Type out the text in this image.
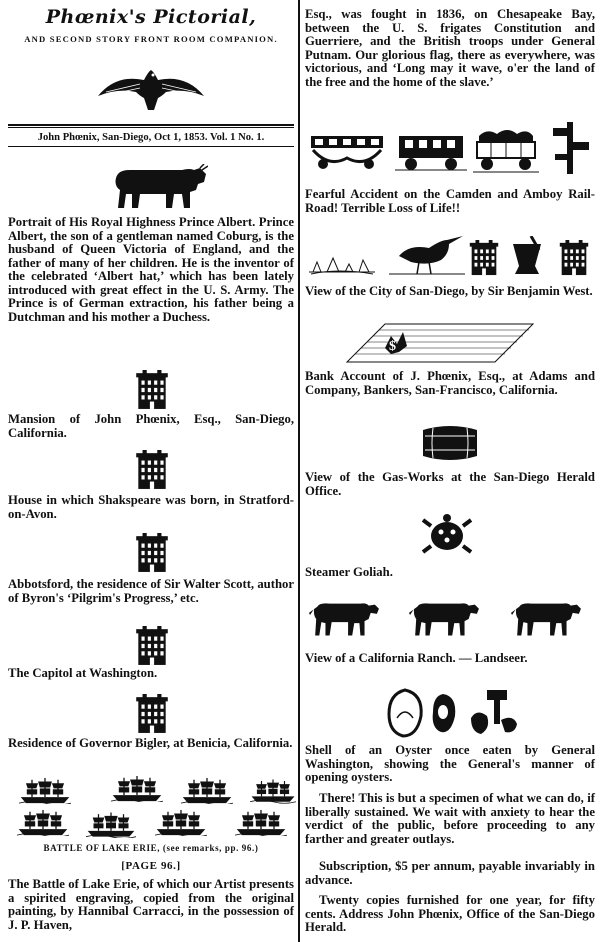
Phœnix's Pictorial,
AND SECOND STORY FRONT ROOM COMPANION.
John Phœnix, San-Diego, Oct 1, 1853. Vol. 1 No. 1.

Portrait of His Royal Highness Prince Albert. Prince Albert, the son of a gentleman named Coburg, is the husband of Queen Victoria of England, and the father of many of her children. He is the inventor of the celebrated ‘Albert hat,’ which has been lately introduced with great effect in the U. S. Army. The Prince is of German extraction, his father being a Dutchman and his mother a Duchess.

Mansion of John Phœnix, Esq., San-Diego, California.

House in which Shakspeare was born, in Stratford-on-Avon.

Abbotsford, the residence of Sir Walter Scott, author of Byron's ‘Pilgrim's Progress,’ etc.

The Capitol at Washington.

Residence of Governor Bigler, at Benicia, California.

BATTLE OF LAKE ERIE, (see remarks, pp. 96.)
[PAGE 96.]

The Battle of Lake Erie, of which our Artist presents a spirited engraving, copied from the original painting, by Hannibal Carracci, in the possession of J. P. Haven,

Esq., was fought in 1836, on Chesapeake Bay, between the U. S. frigates Constitution and Guerriere, and the British troops under General Putnam. Our glorious flag, there as everywhere, was victorious, and ‘Long may it wave, o'er the land of the free and the home of the slave.’

Fearful Accident on the Camden and Amboy Rail-Road! Terrible Loss of Life!!

View of the City of San-Diego, by Sir Benjamin West.

$

Bank Account of J. Phœnix, Esq., at Adams and Company, Bankers, San-Francisco, California.

View of the Gas-Works at the San-Diego Herald Office.

Steamer Goliah.

View of a California Ranch. — Landseer.

Shell of an Oyster once eaten by General Washington, showing the General's manner of opening oysters.

There! This is but a specimen of what we can do, if liberally sustained. We wait with anxiety to hear the verdict of the public, before proceeding to any farther and greater outlays.

Subscription, $5 per annum, payable invariably in advance.

Twenty copies furnished for one year, for fifty cents. Address John Phœnix, Office of the San-Diego Herald.
